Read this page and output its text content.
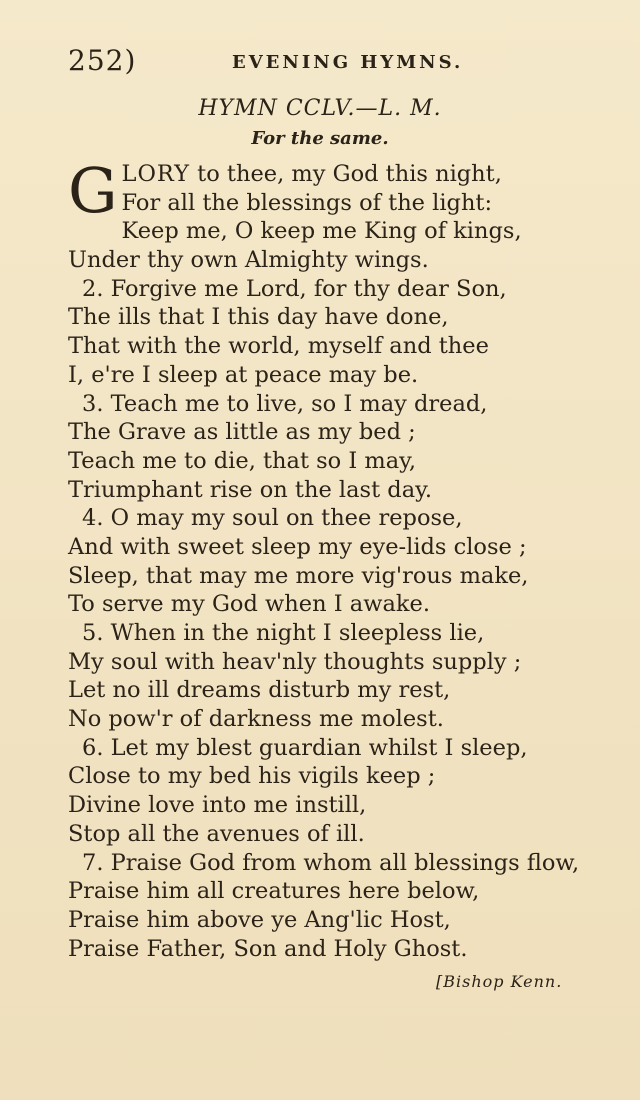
252)	EVENING HYMNS.
HYMN CCLV.—L. M.
For the same.
G LORY to thee, my God this night,
For all the blessings of the light:
Keep me, O keep me King of kings,
Under thy own Almighty wings.
2. Forgive me Lord, for thy dear Son,
The ills that I this day have done,
That with the world, myself and thee
I, e're I sleep at peace may be.
3. Teach me to live, so I may dread,
The Grave as little as my bed ;
Teach me to die, that so I may,
Triumphant rise on the last day.
4. O may my soul on thee repose,
And with sweet sleep my eye-lids close ;
Sleep, that may me more vig'rous make,
To serve my God when I awake.
5. When in the night I sleepless lie,
My soul with heav'nly thoughts supply ;
Let no ill dreams disturb my rest,
No pow'r of darkness me molest.
6. Let my blest guardian whilst I sleep,
Close to my bed his vigils keep ;
Divine love into me instill,
Stop all the avenues of ill.
7. Praise God from whom all blessings flow,
Praise him all creatures here below,
Praise him above ye Ang'lic Host,
Praise Father, Son and Holy Ghost.
[Bishop Kenn.
